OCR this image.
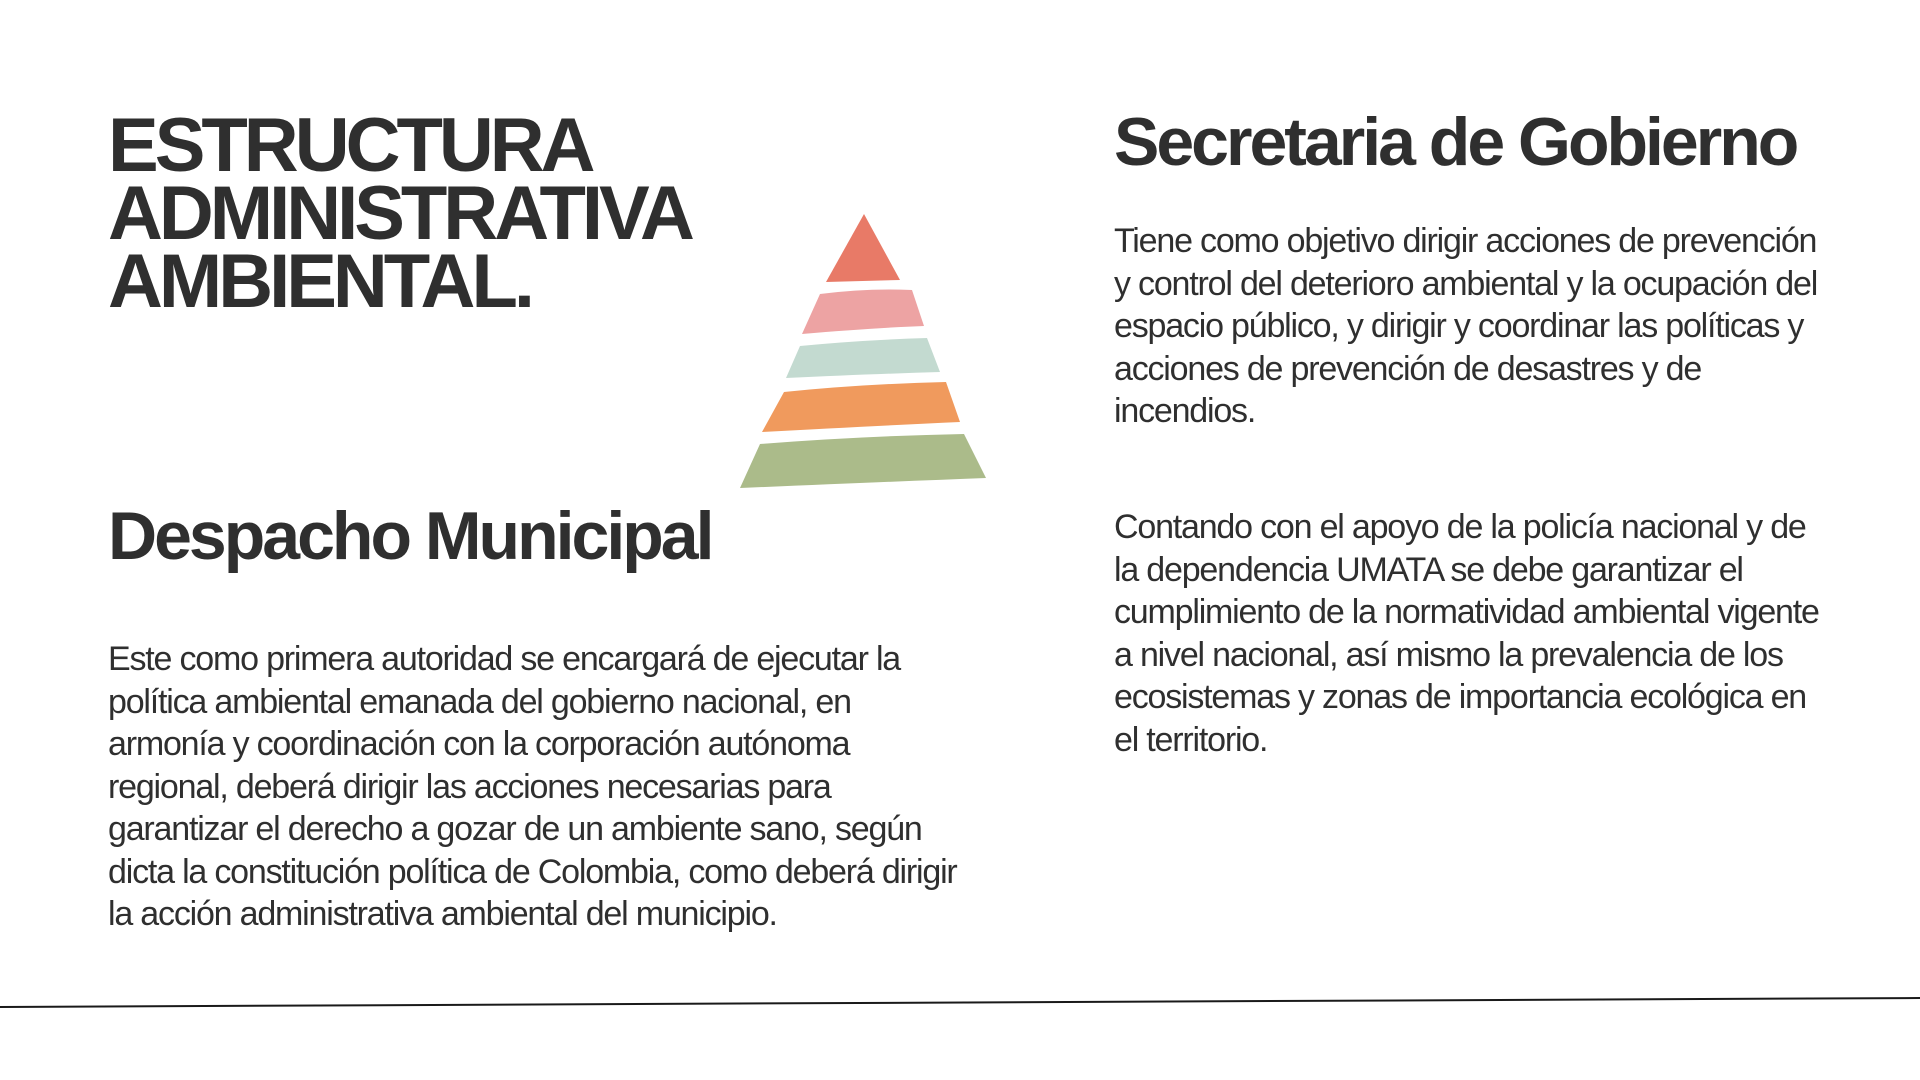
ESTRUCTURA
ADMINISTRATIVA
AMBIENTAL.
Despacho Municipal

Este como primera autoridad se encargará de ejecutar la política ambiental emanada del gobierno nacional, en armonía y coordinación con la corporación autónoma regional, deberá dirigir las acciones necesarias para garantizar el derecho a gozar de un ambiente sano, según dicta la constitución política de Colombia, como deberá dirigir la acción administrativa ambiental del municipio.

Secretaria de Gobierno

Tiene como objetivo dirigir acciones de prevención y control del deterioro ambiental y la ocupación del espacio público, y dirigir y coordinar las políticas y acciones de prevención de desastres y de incendios.

Contando con el apoyo de la policía nacional y de la dependencia UMATA se debe garantizar el cumplimiento de la normatividad ambiental vigente a nivel nacional, así mismo la prevalencia de los ecosistemas y zonas de importancia ecológica en el territorio.
